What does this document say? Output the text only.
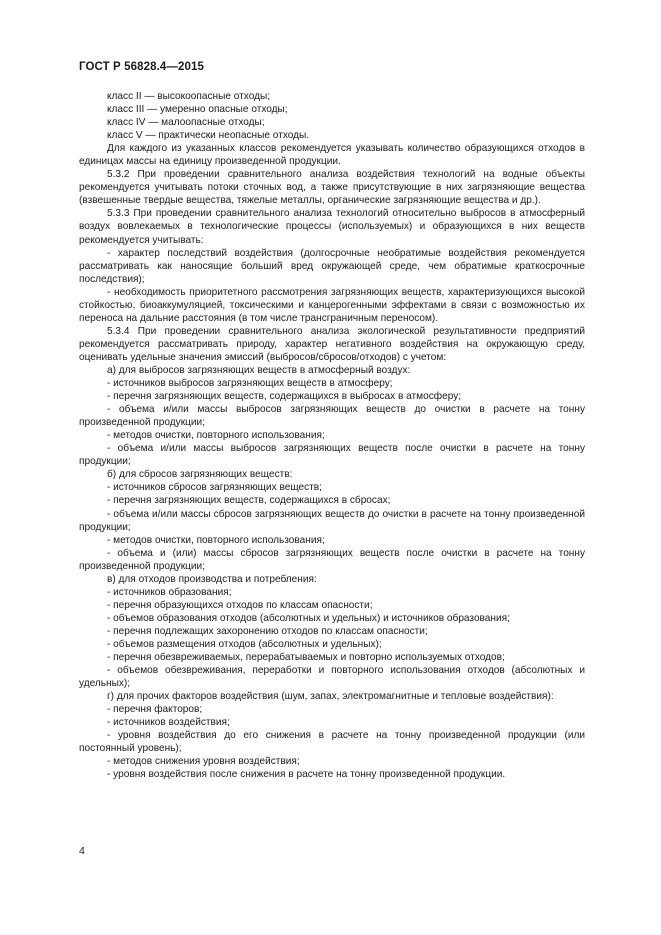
ГОСТ Р 56828.4—2015

класс II — высокоопасные отходы;

класс III — умеренно опасные отходы;

класс IV — малоопасные отходы;

класс V — практически неопасные отходы.

Для каждого из указанных классов рекомендуется указывать количество образующихся отходов в единицах массы на единицу произведенной продукции.

5.3.2 При проведении сравнительного анализа воздействия технологий на водные объекты рекомендуется учитывать потоки сточных вод, а также присутствующие в них загрязняющие вещества (взвешенные твердые вещества, тяжелые металлы, органические загрязняющие вещества и др.).

5.3.3 При проведении сравнительного анализа технологий относительно выбросов в атмосферный воздух вовлекаемых в технологические процессы (используемых) и образующихся в них веществ рекомендуется учитывать:

- характер последствий воздействия (долгосрочные необратимые воздействия рекомендуется рассматривать как наносящие больший вред окружающей среде, чем обратимые краткосрочные последствия);

- необходимость приоритетного рассмотрения загрязняющих веществ, характеризующихся высокой стойкостью, биоаккумуляцией, токсическими и канцерогенными эффектами в связи с возможностью их переноса на дальние расстояния (в том числе трансграничным переносом).

5.3.4 При проведении сравнительного анализа экологической результативности предприятий рекомендуется рассматривать природу, характер негативного воздействия на окружающую среду, оценивать удельные значения эмиссий (выбросов/сбросов/отходов) с учетом:

а) для выбросов загрязняющих веществ в атмосферный воздух:

- источников выбросов загрязняющих веществ в атмосферу;

- перечня загрязняющих веществ, содержащихся в выбросах в атмосферу;

- объема и/или массы выбросов загрязняющих веществ до очистки в расчете на тонну произведенной продукции;

- методов очистки, повторного использования;

- объема и/или массы выбросов загрязняющих веществ после очистки в расчете на тонну продукции;

б) для сбросов загрязняющих веществ:

- источников сбросов загрязняющих веществ;

- перечня загрязняющих веществ, содержащихся в сбросах;

- объема и/или массы сбросов загрязняющих веществ до очистки в расчете на тонну произведенной продукции;

- методов очистки, повторного использования;

- объема и (или) массы сбросов загрязняющих веществ после очистки в расчете на тонну произведенной продукции;

в) для отходов производства и потребления:

- источников образования;

- перечня образующихся отходов по классам опасности;

- объемов образования отходов (абсолютных и удельных) и источников образования;

- перечня подлежащих захоронению отходов по классам опасности;

- объемов размещения отходов (абсолютных и удельных);

- перечня обезвреживаемых, перерабатываемых и повторно используемых отходов;

- объемов обезвреживания, переработки и повторного использования отходов (абсолютных и удельных);

г) для прочих факторов воздействия (шум, запах, электромагнитные и тепловые воздействия):

- перечня факторов;

- источников воздействия;

- уровня воздействия до его снижения в расчете на тонну произведенной продукции (или постоянный уровень);

- методов снижения уровня воздействия;

- уровня воздействия после снижения в расчете на тонну произведенной продукции.

4
